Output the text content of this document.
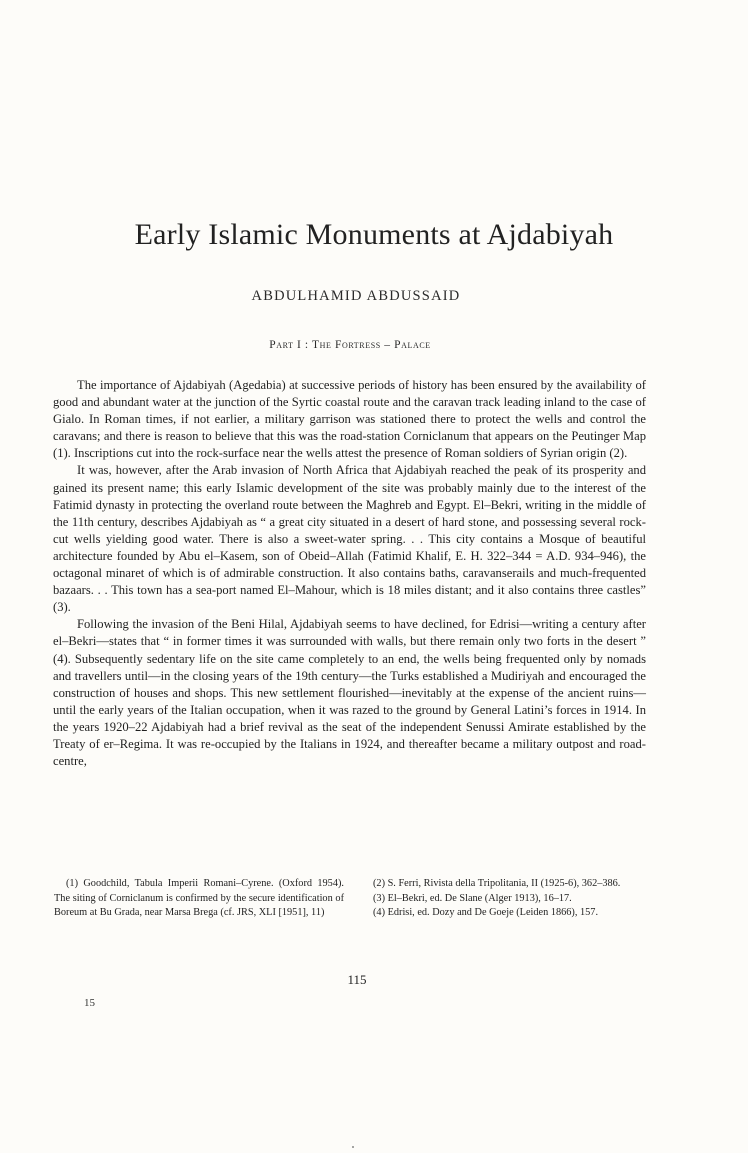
Early Islamic Monuments at Ajdabiyah
ABDULHAMID ABDUSSAID
Part I : The Fortress – Palace

The importance of Ajdabiyah (Agedabia) at successive periods of history has been ensured by the availability of good and abundant water at the junction of the Syrtic coastal route and the caravan track leading inland to the case of Gialo. In Roman times, if not earlier, a military garrison was stationed there to protect the wells and control the caravans; and there is reason to believe that this was the road-station Corniclanum that appears on the Peutinger Map (1). Inscriptions cut into the rock-surface near the wells attest the presence of Roman soldiers of Syrian origin (2).

It was, however, after the Arab invasion of North Africa that Ajdabiyah reached the peak of its prosperity and gained its present name; this early Islamic development of the site was probably mainly due to the interest of the Fatimid dynasty in protecting the overland route between the Maghreb and Egypt. El–Bekri, writing in the middle of the 11th century, describes Ajdabiyah as “ a great city situated in a desert of hard stone, and possessing several rock-cut wells yielding good water. There is also a sweet-water spring. . . This city contains a Mosque of beautiful architecture founded by Abu el–Kasem, son of Obeid–Allah (Fatimid Khalif, E. H. 322–344 = A.D. 934–946), the octagonal minaret of which is of admirable construction. It also contains baths, caravanserails and much-frequented bazaars. . . This town has a sea-port named El–Mahour, which is 18 miles distant; and it also contains three castles” (3).

Following the invasion of the Beni Hilal, Ajdabiyah seems to have declined, for Edrisi—writing a century after el–Bekri—states that “ in former times it was surrounded with walls, but there remain only two forts in the desert ” (4). Subsequently sedentary life on the site came completely to an end, the wells being frequented only by nomads and travellers until—in the closing years of the 19th century—the Turks established a Mudiriyah and encouraged the construction of houses and shops. This new settlement flourished—inevitably at the expense of the ancient ruins—until the early years of the Italian occupation, when it was razed to the ground by General Latini’s forces in 1914. In the years 1920–22 Ajdabiyah had a brief revival as the seat of the independent Senussi Amirate established by the Treaty of er–Regima. It was re-occupied by the Italians in 1924, and thereafter became a military outpost and road-centre,

(1) Goodchild, Tabula Imperii Romani–Cyrene. (Oxford 1954). The siting of Corniclanum is confirmed by the secure identification of Boreum at Bu Grada, near Marsa Brega (cf. JRS, XLI [1951], 11)

(2) S. Ferri, Rivista della Tripolitania, II (1925-6), 362–386.

(3) El–Bekri, ed. De Slane (Alger 1913), 16–17.

(4) Edrisi, ed. Dozy and De Goeje (Leiden 1866), 157.

115
15
